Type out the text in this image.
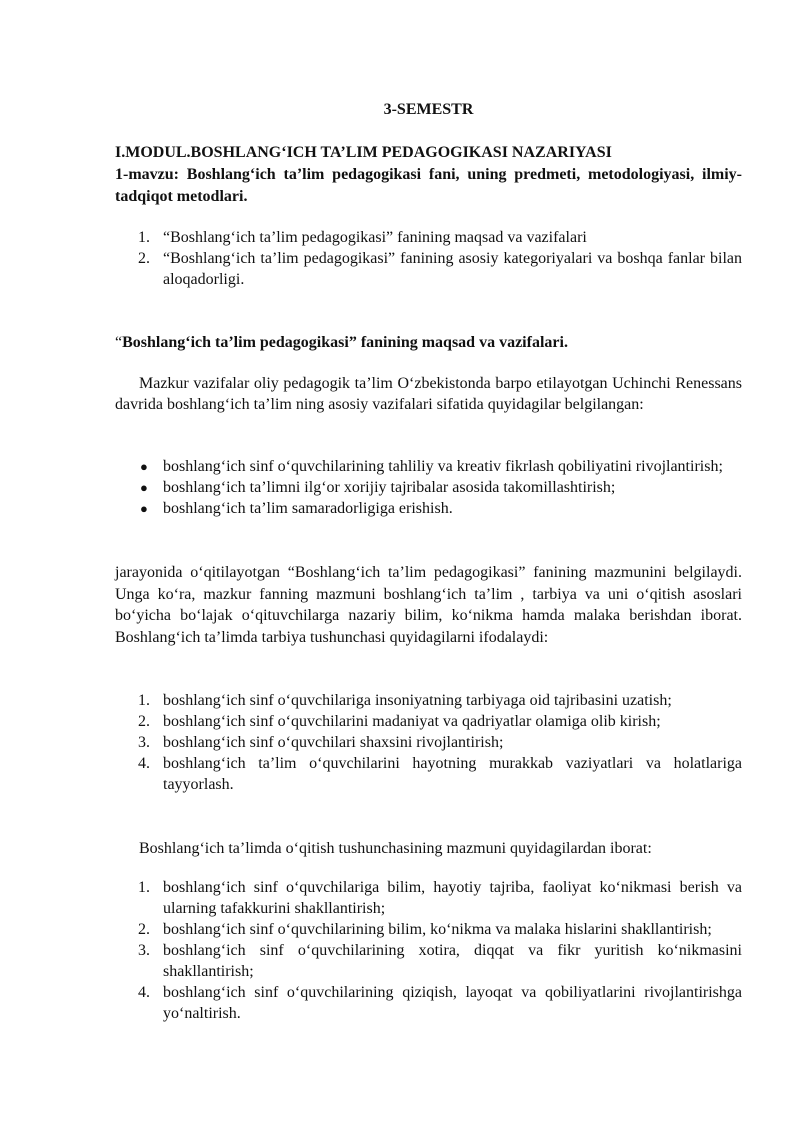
3-SEMESTR

I.MODUL.BOSHLANG‘ICH TA’LIM PEDAGOGIKASI NAZARIYASI

1-mavzu: Boshlang‘ich ta’lim pedagogikasi fani, uning predmeti, metodologiyasi, ilmiy-tadqiqot metodlari.

1. “Boshlang‘ich ta’lim pedagogikasi” fanining maqsad va vazifalari
2. “Boshlang‘ich ta’lim pedagogikasi” fanining asosiy kategoriyalari va boshqa fanlar bilan aloqadorligi.

“Boshlang‘ich ta’lim pedagogikasi” fanining maqsad va vazifalari.

Mazkur vazifalar oliy pedagogik ta’lim O‘zbekistonda barpo etilayotgan Uchinchi Renessans davrida boshlang‘ich ta’lim ning asosiy vazifalari sifatida quyidagilar belgilangan:

● boshlang‘ich sinf o‘quvchilarining tahliliy va kreativ fikrlash qobiliyatini rivojlantirish;
● boshlang‘ich ta’limni ilg‘or xorijiy tajribalar asosida takomillashtirish;
● boshlang‘ich ta’lim samaradorligiga erishish.

jarayonida o‘qitilayotgan “Boshlang‘ich ta’lim pedagogikasi” fanining mazmunini belgilaydi. Unga ko‘ra, mazkur fanning mazmuni boshlang‘ich ta’lim , tarbiya va uni o‘qitish asoslari bo‘yicha bo‘lajak o‘qituvchilarga nazariy bilim, ko‘nikma hamda malaka berishdan iborat. Boshlang‘ich ta’limda tarbiya tushunchasi quyidagilarni ifodalaydi:

1. boshlang‘ich sinf o‘quvchilariga insoniyatning tarbiyaga oid tajribasini uzatish;
2. boshlang‘ich sinf o‘quvchilarini madaniyat va qadriyatlar olamiga olib kirish;
3. boshlang‘ich sinf o‘quvchilari shaxsini rivojlantirish;
4. boshlang‘ich ta’lim o‘quvchilarini hayotning murakkab vaziyatlari va holatlariga tayyorlash.

Boshlang‘ich ta’limda o‘qitish tushunchasining mazmuni quyidagilardan iborat:

1. boshlang‘ich sinf o‘quvchilariga bilim, hayotiy tajriba, faoliyat ko‘nikmasi berish va ularning tafakkurini shakllantirish;
2. boshlang‘ich sinf o‘quvchilarining bilim, ko‘nikma va malaka hislarini shakllantirish;
3. boshlang‘ich sinf o‘quvchilarining xotira, diqqat va fikr yuritish ko‘nikmasini shakllantirish;
4. boshlang‘ich sinf o‘quvchilarining qiziqish, layoqat va qobiliyatlarini rivojlantirishga yo‘naltirish.
